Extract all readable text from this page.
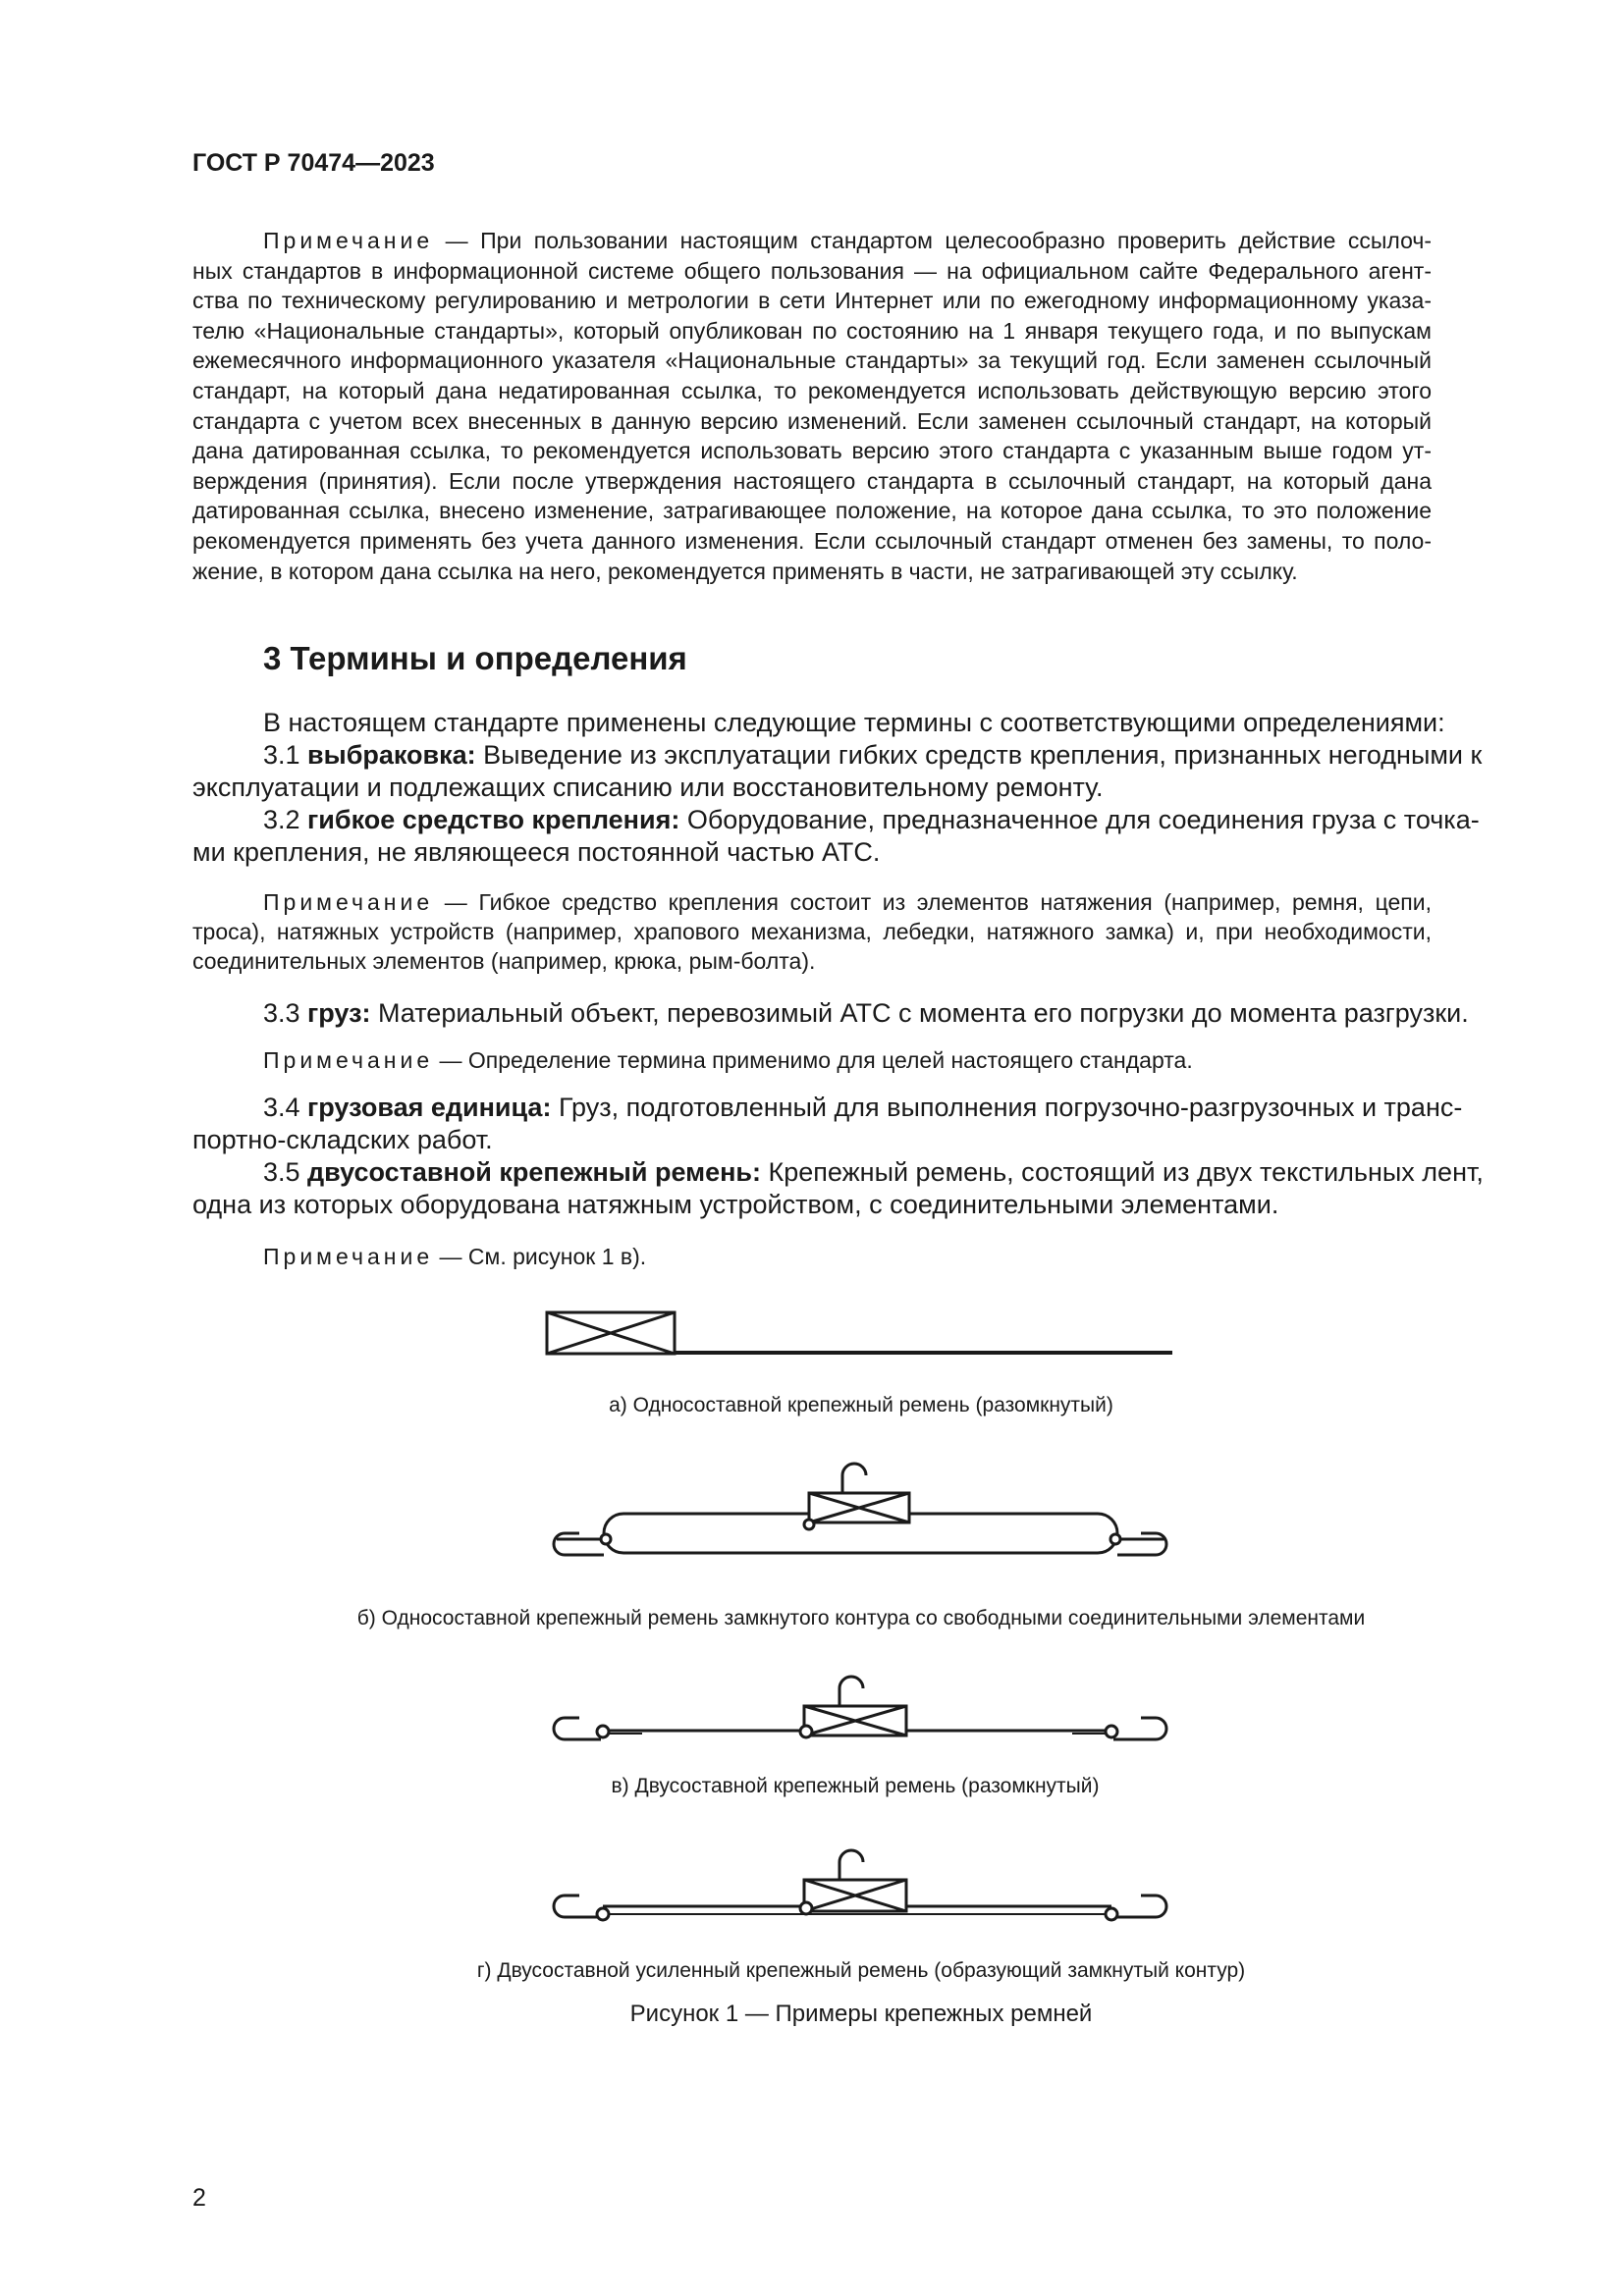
ГОСТ Р 70474—2023
Примечание — При пользовании настоящим стандартом целесообразно проверить действие ссылоч-
ных стандартов в информационной системе общего пользования — на официальном сайте Федерального агент-
ства по техническому регулированию и метрологии в сети Интернет или по ежегодному информационному указа-
телю «Национальные стандарты», который опубликован по состоянию на 1 января текущего года, и по выпускам
ежемесячного информационного указателя «Национальные стандарты» за текущий год. Если заменен ссылочный
стандарт, на который дана недатированная ссылка, то рекомендуется использовать действующую версию этого
стандарта с учетом всех внесенных в данную версию изменений. Если заменен ссылочный стандарт, на который
дана датированная ссылка, то рекомендуется использовать версию этого стандарта с указанным выше годом ут-
верждения (принятия). Если после утверждения настоящего стандарта в ссылочный стандарт, на который дана
датированная ссылка, внесено изменение, затрагивающее положение, на которое дана ссылка, то это положение
рекомендуется применять без учета данного изменения. Если ссылочный стандарт отменен без замены, то поло-
жение, в котором дана ссылка на него, рекомендуется применять в части, не затрагивающей эту ссылку.
3 Термины и определения
В настоящем стандарте применены следующие термины с соответствующими определениями:
3.1 выбраковка: Выведение из эксплуатации гибких средств крепления, признанных негодными к
эксплуатации и подлежащих списанию или восстановительному ремонту.
3.2 гибкое средство крепления: Оборудование, предназначенное для соединения груза с точка-
ми крепления, не являющееся постоянной частью АТС.
Примечание — Гибкое средство крепления состоит из элементов натяжения (например, ремня, цепи,
троса), натяжных устройств (например, храпового механизма, лебедки, натяжного замка) и, при необходимости,
соединительных элементов (например, крюка, рым-болта).
3.3 груз: Материальный объект, перевозимый АТС с момента его погрузки до момента разгрузки.
Примечание — Определение термина применимо для целей настоящего стандарта.
3.4 грузовая единица: Груз, подготовленный для выполнения погрузочно-разгрузочных и транс-
портно-складских работ.
3.5 двусоставной крепежный ремень: Крепежный ремень, состоящий из двух текстильных лент,
одна из которых оборудована натяжным устройством, с соединительными элементами.
Примечание — См. рисунок 1 в).
а) Односоставной крепежный ремень (разомкнутый)
б) Односоставной крепежный ремень замкнутого контура со свободными соединительными элементами
в) Двусоставной крепежный ремень (разомкнутый)
г) Двусоставной усиленный крепежный ремень (образующий замкнутый контур)
Рисунок 1 — Примеры крепежных ремней
2
